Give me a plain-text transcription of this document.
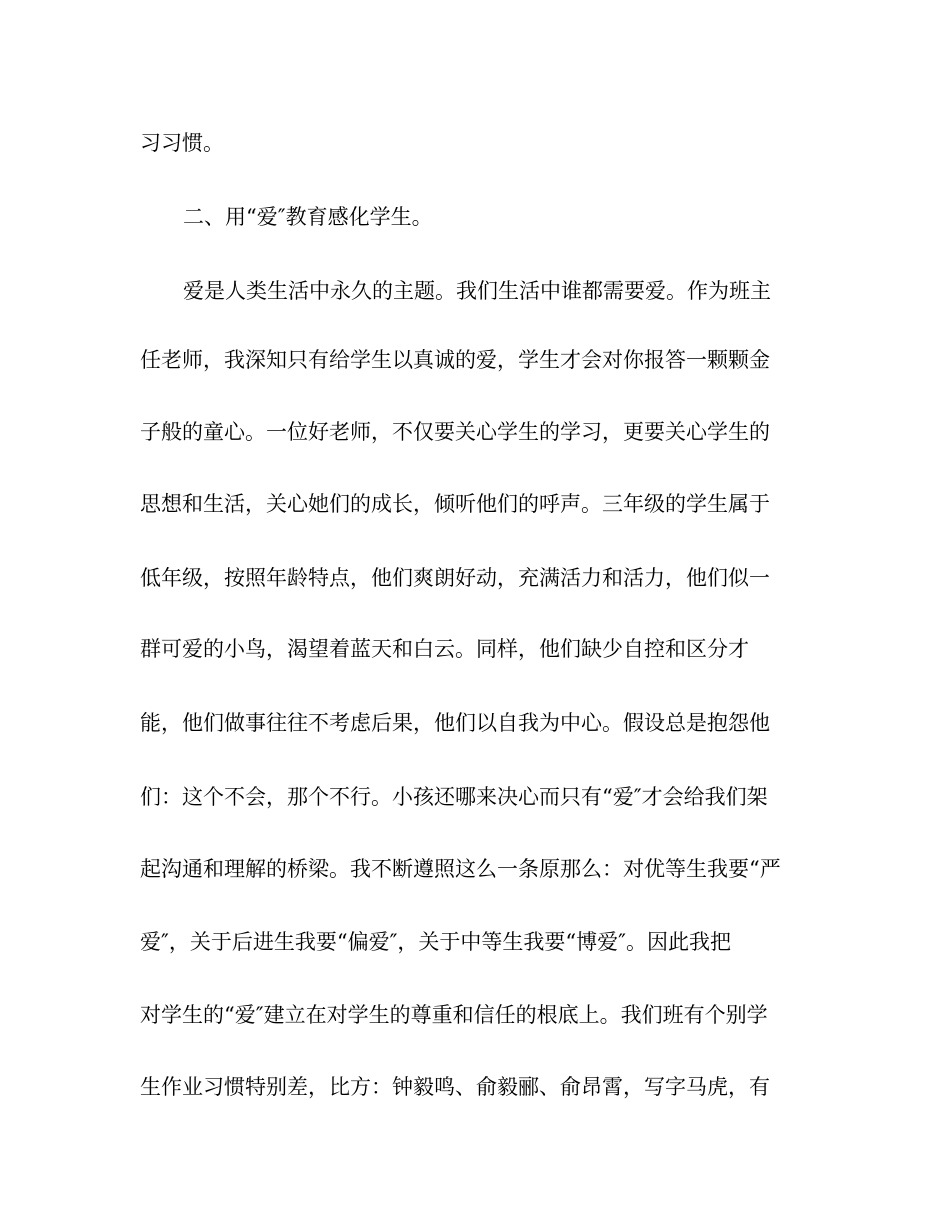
习习惯。
二、用“爱″教育感化学生。
爱是人类生活中永久的主题。我们生活中谁都需要爱。作为班主
任老师，我深知只有给学生以真诚的爱，学生才会对你报答一颗颗金
子般的童心。一位好老师，不仅要关心学生的学习，更要关心学生的
思想和生活，关心她们的成长，倾听他们的呼声。三年级的学生属于
低年级，按照年龄特点，他们爽朗好动，充满活力和活力，他们似一
群可爱的小鸟，渴望着蓝天和白云。同样，他们缺少自控和区分才
能，他们做事往往不考虑后果，他们以自我为中心。假设总是抱怨他
们：这个不会，那个不行。小孩还哪来决心而只有“爱″才会给我们架
起沟通和理解的桥梁。我不断遵照这么一条原那么：对优等生我要“严
爱″，关于后进生我要“偏爱″，关于中等生我要“博爱″。因此我把
对学生的“爱″建立在对学生的尊重和信任的根底上。我们班有个别学
生作业习惯特别差，比方：钟毅鸣、俞毅郦、俞昂霄，写字马虎，有
